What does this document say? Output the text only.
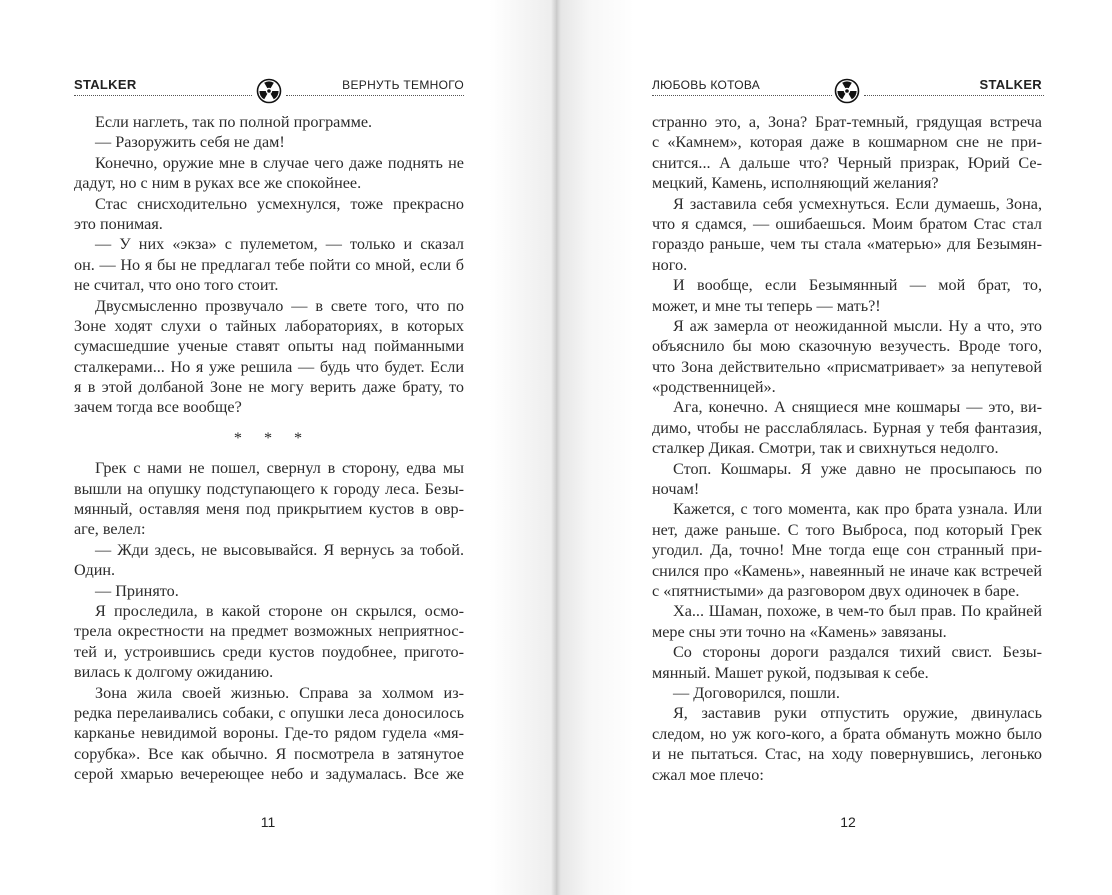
STALKER	ВЕРНУТЬ ТЕМНОГО
Если наглеть, так по полной программе.
— Разоружить себя не дам!
Конечно, оружие мне в случае чего даже поднять не
дадут, но с ним в руках все же спокойнее.
Стас снисходительно усмехнулся, тоже прекрасно
это понимая.
— У них «экза» с пулеметом, — только и сказал
он. — Но я бы не предлагал тебе пойти со мной, если б
не считал, что оно того стоит.
Двусмысленно прозвучало — в свете того, что по
Зоне ходят слухи о тайных лабораториях, в которых
сумасшедшие ученые ставят опыты над пойманными
сталкерами... Но я уже решила — будь что будет. Если
я в этой долбаной Зоне не могу верить даже брату, то
зачем тогда все вообще?
***
Грек с нами не пошел, свернул в сторону, едва мы
вышли на опушку подступающего к городу леса. Безы-
мянный, оставляя меня под прикрытием кустов в овр-
аге, велел:
— Жди здесь, не высовывайся. Я вернусь за тобой.
Один.
— Принято.
Я проследила, в какой стороне он скрылся, осмо-
трела окрестности на предмет возможных неприятнос-
тей и, устроившись среди кустов поудобнее, пригото-
вилась к долгому ожиданию.
Зона жила своей жизнью. Справа за холмом из-
редка перелаивались собаки, с опушки леса доносилось
карканье невидимой вороны. Где-то рядом гудела «мя-
сорубка». Все как обычно. Я посмотрела в затянутое
серой хмарью вечереющее небо и задумалась. Все же
11
ЛЮБОВЬ КОТОВА	STALKER
странно это, а, Зона? Брат-темный, грядущая встреча
с «Камнем», которая даже в кошмарном сне не при-
снится... А дальше что? Черный призрак, Юрий Се-
мецкий, Камень, исполняющий желания?
Я заставила себя усмехнуться. Если думаешь, Зона,
что я сдамся, — ошибаешься. Моим братом Стас стал
гораздо раньше, чем ты стала «матерью» для Безымян-
ного.
И вообще, если Безымянный — мой брат, то,
может, и мне ты теперь — мать?!
Я аж замерла от неожиданной мысли. Ну а что, это
объяснило бы мою сказочную везучесть. Вроде того,
что Зона действительно «присматривает» за непутевой
«родственницей».
Ага, конечно. А снящиеся мне кошмары — это, ви-
димо, чтобы не расслаблялась. Бурная у тебя фантазия,
сталкер Дикая. Смотри, так и свихнуться недолго.
Стоп. Кошмары. Я уже давно не просыпаюсь по
ночам!
Кажется, с того момента, как про брата узнала. Или
нет, даже раньше. С того Выброса, под который Грек
угодил. Да, точно! Мне тогда еще сон странный при-
снился про «Камень», навеянный не иначе как встречей
с «пятнистыми» да разговором двух одиночек в баре.
Ха... Шаман, похоже, в чем-то был прав. По крайней
мере сны эти точно на «Камень» завязаны.
Со стороны дороги раздался тихий свист. Безы-
мянный. Машет рукой, подзывая к себе.
— Договорился, пошли.
Я, заставив руки отпустить оружие, двинулась
следом, но уж кого-кого, а брата обмануть можно было
и не пытаться. Стас, на ходу повернувшись, легонько
сжал мое плечо:
12
